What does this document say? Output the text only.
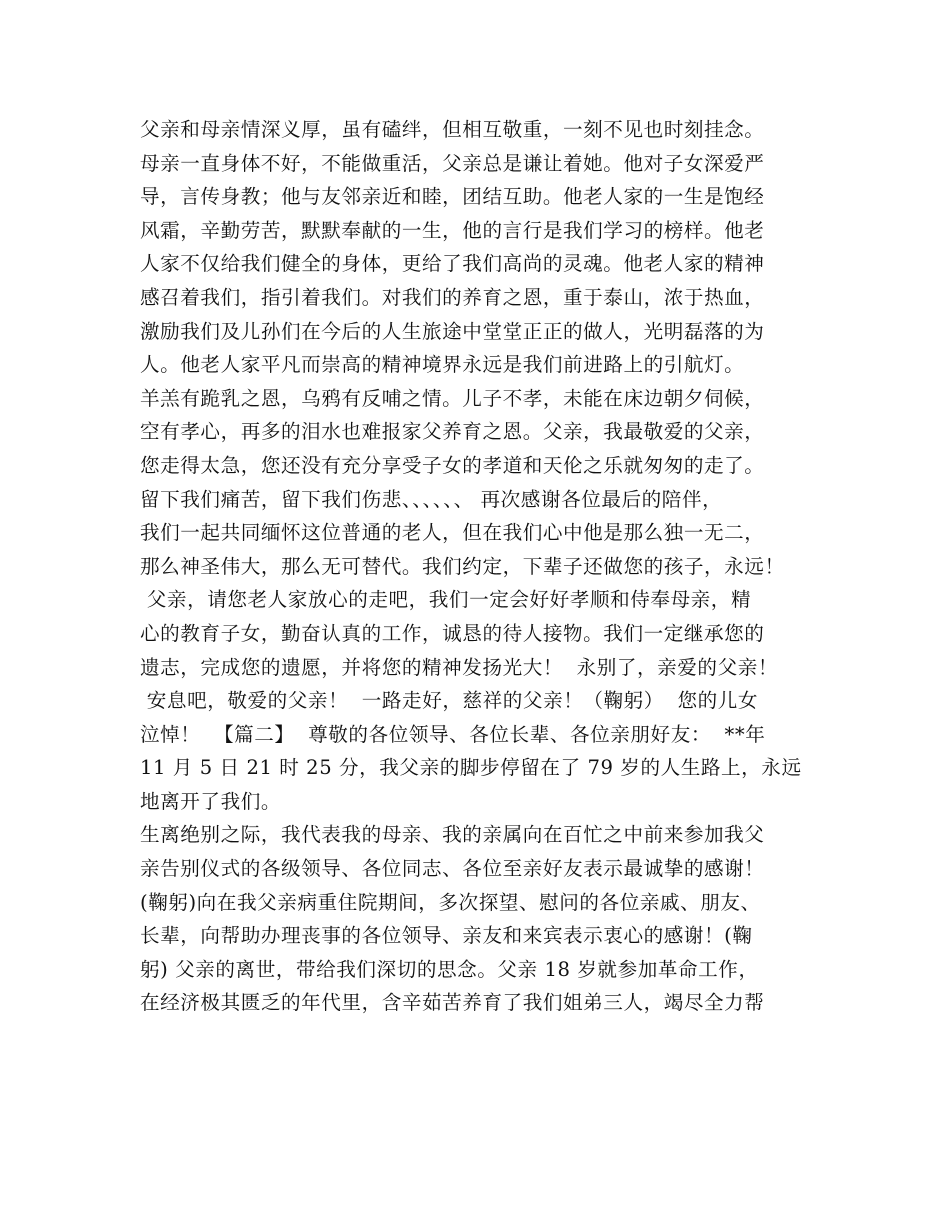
父亲和母亲情深义厚，虽有磕绊，但相互敬重，一刻不见也时刻挂念。
母亲一直身体不好，不能做重活，父亲总是谦让着她。他对子女深爱严
导，言传身教；他与友邻亲近和睦，团结互助。他老人家的一生是饱经
风霜，辛勤劳苦，默默奉献的一生，他的言行是我们学习的榜样。他老
人家不仅给我们健全的身体，更给了我们高尚的灵魂。他老人家的精神
感召着我们，指引着我们。对我们的养育之恩，重于泰山，浓于热血，
激励我们及儿孙们在今后的人生旅途中堂堂正正的做人，光明磊落的为
人。他老人家平凡而崇高的精神境界永远是我们前进路上的引航灯。
羊羔有跪乳之恩，乌鸦有反哺之情。儿子不孝，未能在床边朝夕伺候，
空有孝心，再多的泪水也难报家父养育之恩。父亲，我最敬爱的父亲，
您走得太急，您还没有充分享受子女的孝道和天伦之乐就匆匆的走了。
留下我们痛苦，留下我们伤悲、、、、、、 再次感谢各位最后的陪伴，
我们一起共同缅怀这位普通的老人，但在我们心中他是那么独一无二，
那么神圣伟大，那么无可替代。我们约定，下辈子还做您的孩子，永远！
父亲，请您老人家放心的走吧，我们一定会好好孝顺和侍奉母亲，精
心的教育子女，勤奋认真的工作，诚恳的待人接物。我们一定继承您的
遗志，完成您的遗愿，并将您的精神发扬光大！  永别了，亲爱的父亲！
安息吧，敬爱的父亲！  一路走好，慈祥的父亲！（鞠躬）  您的儿女
泣悼！  【篇二】  尊敬的各位领导、各位长辈、各位亲朋好友：  **年
11 月 5 日 21 时 25 分，我父亲的脚步停留在了 79 岁的人生路上，永远
地离开了我们。
生离绝别之际，我代表我的母亲、我的亲属向在百忙之中前来参加我父
亲告别仪式的各级领导、各位同志、各位至亲好友表示最诚挚的感谢！
(鞠躬)向在我父亲病重住院期间，多次探望、慰问的各位亲戚、朋友、
长辈，向帮助办理丧事的各位领导、亲友和来宾表示衷心的感谢！(鞠
躬) 父亲的离世，带给我们深切的思念。父亲 18 岁就参加革命工作，
在经济极其匮乏的年代里，含辛茹苦养育了我们姐弟三人，竭尽全力帮
